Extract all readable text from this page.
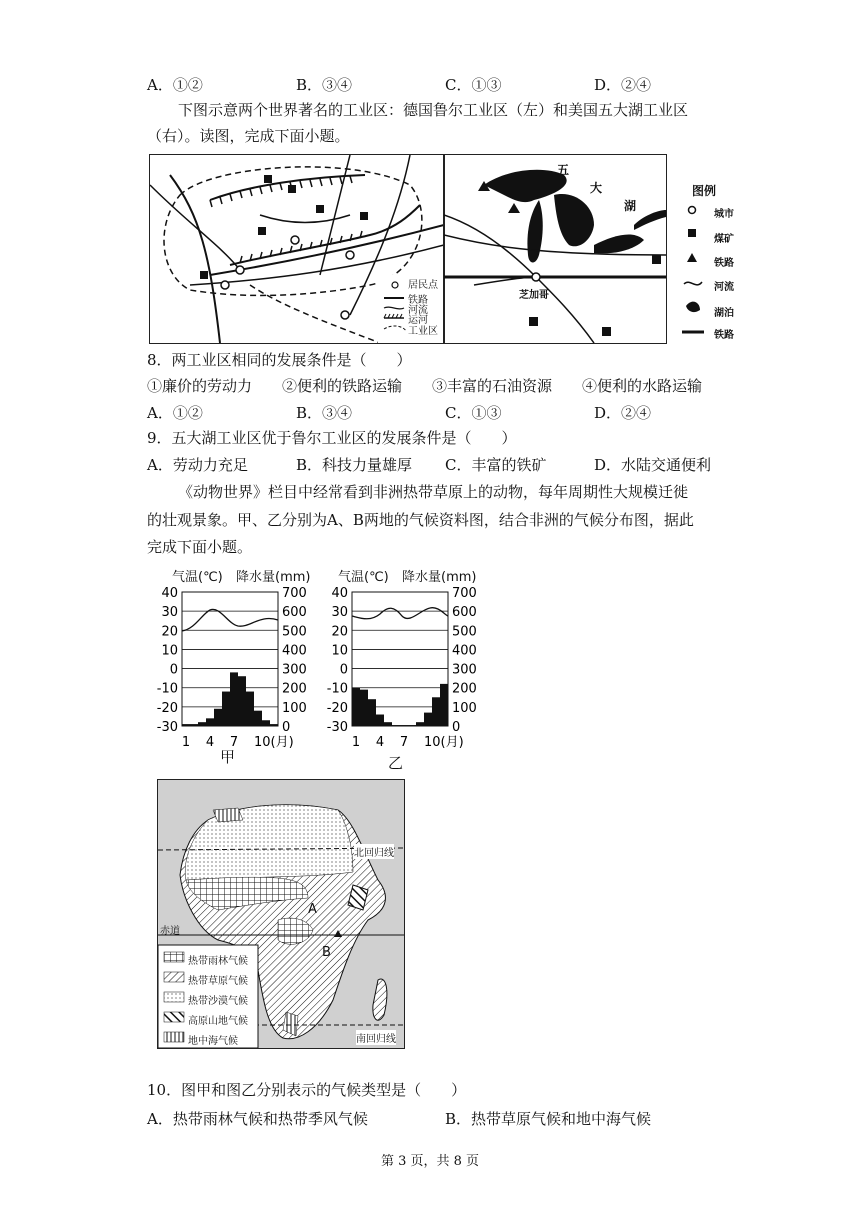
A．①②	B．③④	C．①③	D．②④
下图示意两个世界著名的工业区：德国鲁尔工业区（左）和美国五大湖工业区
（右）。读图，完成下面小题。
居民点
铁路
河流
运河
工业区
五
大
湖
芝加哥
图例
城市
煤矿
铁路
河流
湖泊
铁路
8．两工业区相同的发展条件是（　　）
①廉价的劳动力　　②便利的铁路运输　　③丰富的石油资源　　④便利的水路运输
A．①②	B．③④	C．①③	D．②④
9．五大湖工业区优于鲁尔工业区的发展条件是（　　）
A．劳动力充足	B．科技力量雄厚 C．丰富的铁矿	D．水陆交通便利
《动物世界》栏目中经常看到非洲热带草原上的动物，每年周期性大规模迁徙
的壮观景象。甲、乙分别为A、B两地的气候资料图，结合非洲的气候分布图，据此
完成下面小题。
气温(℃) 降水量(mm)
40
30
20
10
0
-10
-20
-30
700
600
500
400
300
200
100
0
1 4 7 10(月)
甲
气温(℃) 降水量(mm)
40
30
20
10
0
-10
-20
-30
700
600
500
400
300
200
100
0
1 4 7 10(月)
乙
北回归线
赤道
南回归线
A
B
热带雨林气候
热带草原气候
热带沙漠气候
高原山地气候
地中海气候
10．图甲和图乙分别表示的气候类型是（　　）
A．热带雨林气候和热带季风气候	B．热带草原气候和地中海气候
第 3 页，共 8 页
